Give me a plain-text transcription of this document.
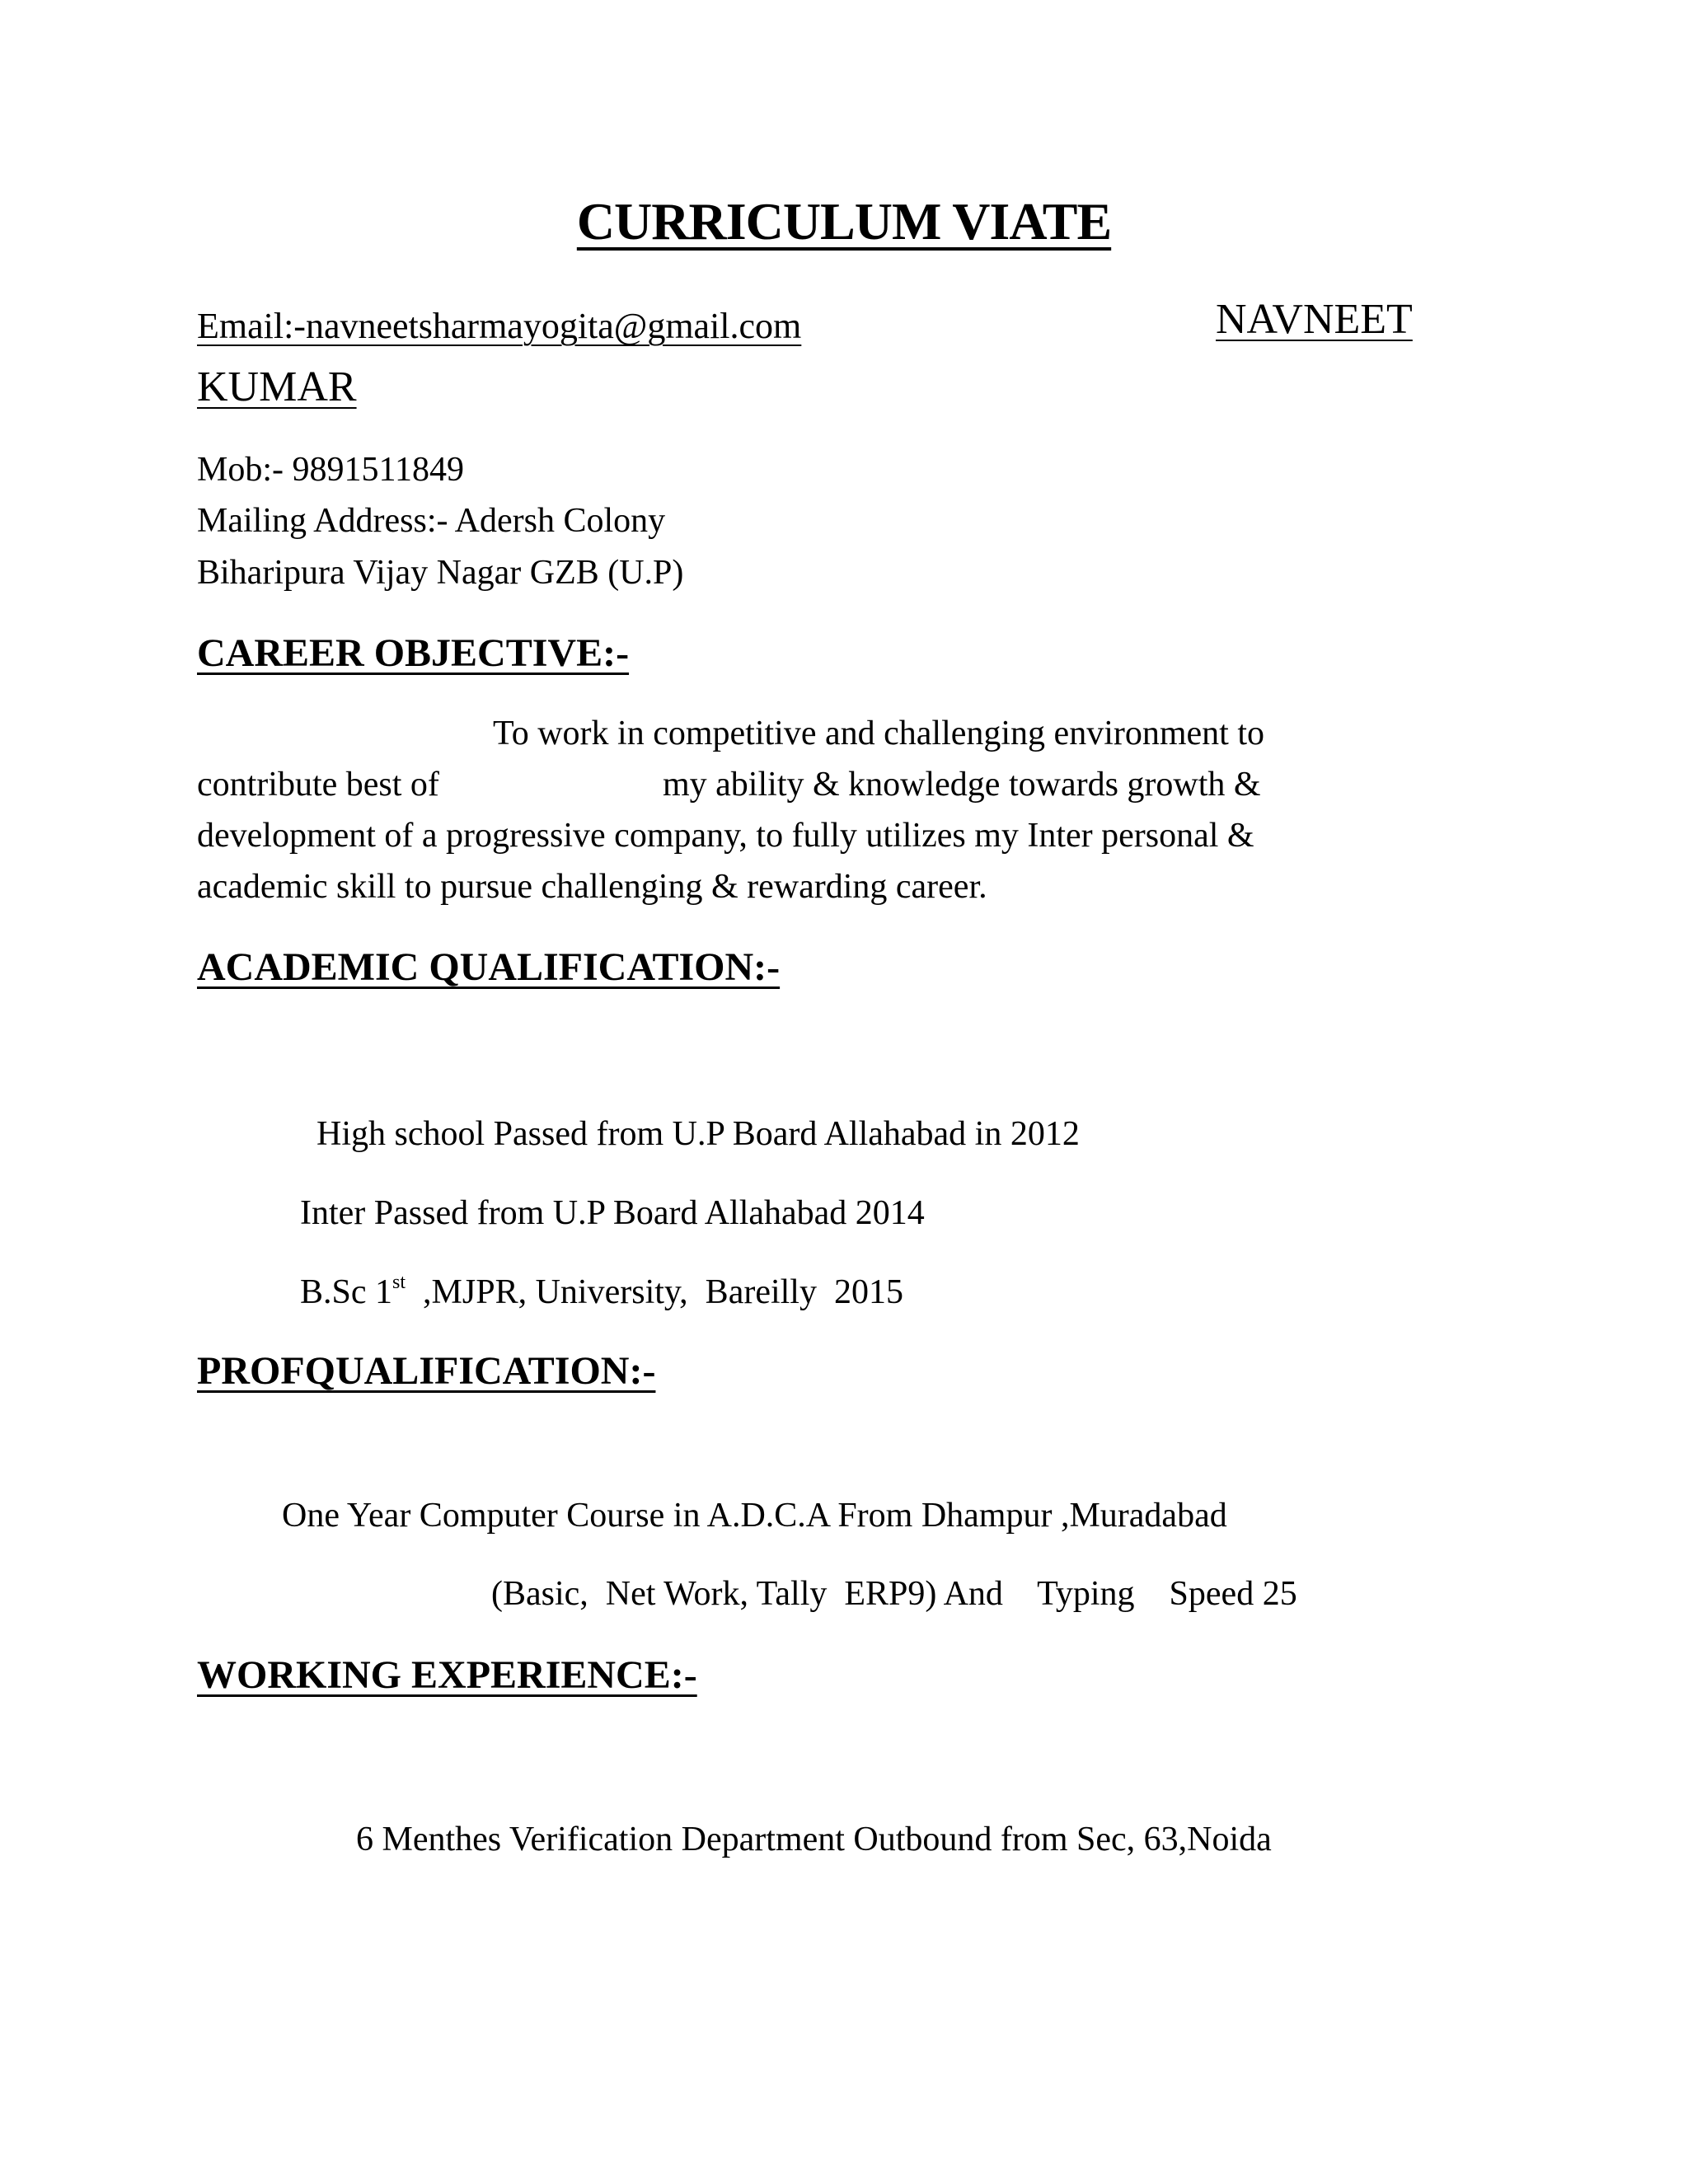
CURRICULUM VIATE
Email:-navneetsharmayogita@gmail.com	NAVNEET
KUMAR
Mob:- 9891511849
Mailing Address:- Adersh Colony
Biharipura Vijay Nagar GZB (U.P)
CAREER OBJECTIVE:-
To work in competitive and challenging environment to
contribute best of	my ability & knowledge towards growth &
development of a progressive company, to fully utilizes my Inter personal &
academic skill to pursue challenging & rewarding career.
ACADEMIC QUALIFICATION:-
High school Passed from U.P Board Allahabad in 2012
Inter Passed from U.P Board Allahabad 2014
B.Sc 1st  ,MJPR, University,  Bareilly  2015
PROFQUALIFICATION:-
One Year Computer Course in A.D.C.A From Dhampur ,Muradabad
(Basic,  Net Work, Tally  ERP9) And    Typing    Speed 25
WORKING EXPERIENCE:-
6 Menthes Verification Department Outbound from Sec, 63,Noida
